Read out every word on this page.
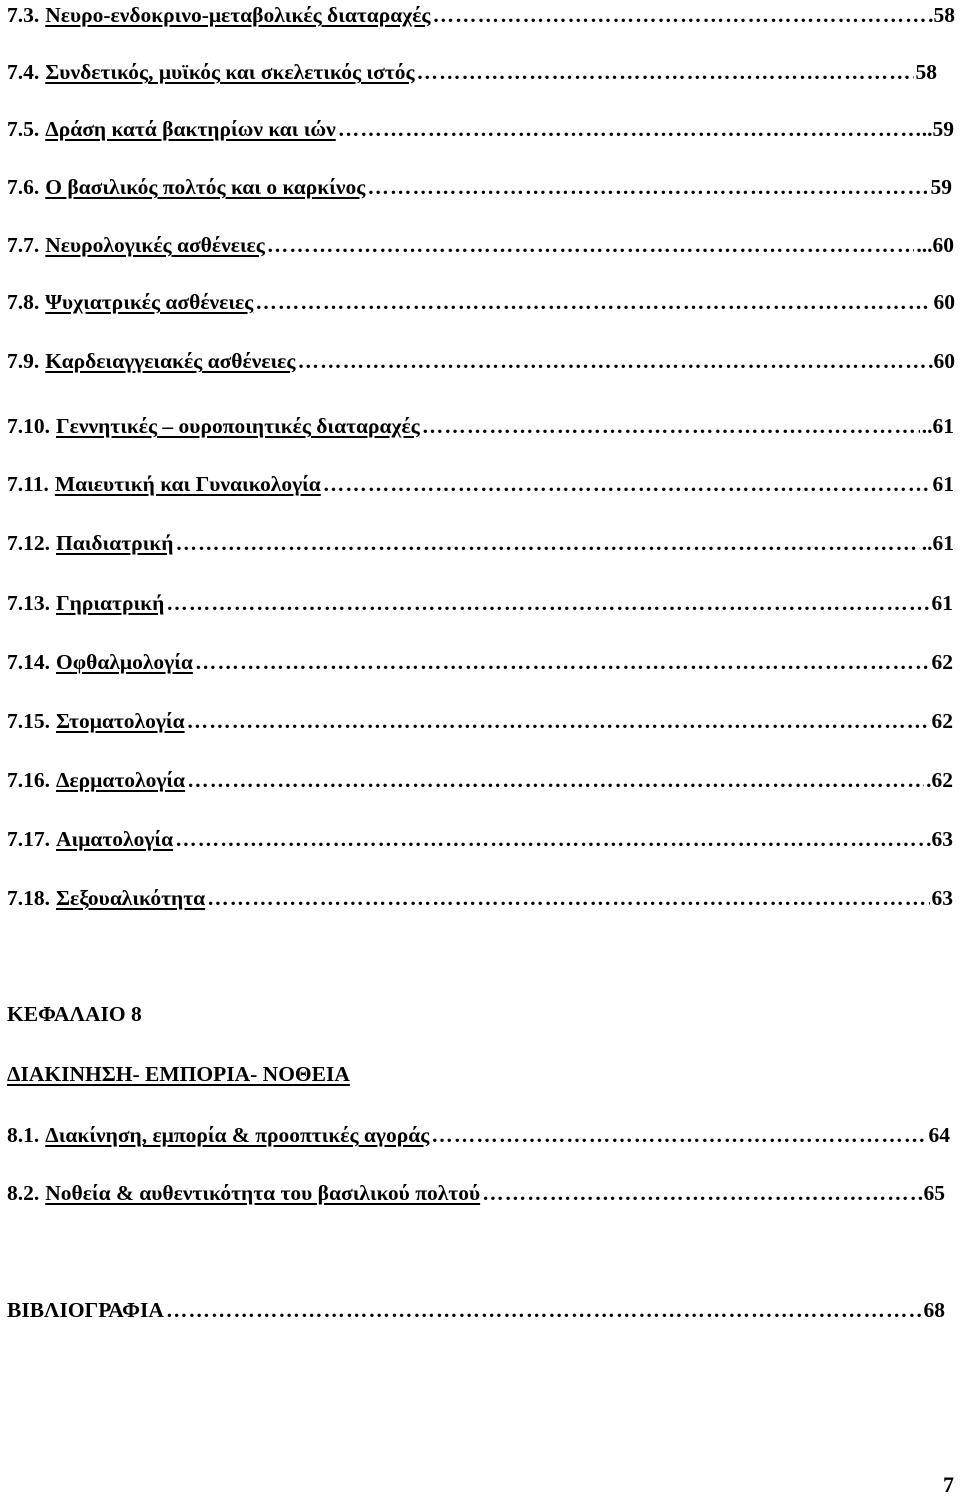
7.3. Νευρο-ενδοκρινο-μεταβολικές διαταραχές ………………………………………………………………………………………………………………………………………………………………………………………………	.58
7.4. Συνδετικός, μυϊκός και σκελετικός ιστός ………………………………………………………………………………………………………………………………………………………………………………………………	58
7.5. Δράση κατά βακτηρίων και ιών ………………………………………………………………………………………………………………………………………………………………………………………………	..59
7.6. Ο βασιλικός πολτός και ο καρκίνος ………………………………………………………………………………………………………………………………………………………………………………………………	59
7.7. Νευρολογικές ασθένειες ………………………………………………………………………………………………………………………………………………………………………………………………	...60
7.8. Ψυχιατρικές ασθένειες ………………………………………………………………………………………………………………………………………………………………………………………………	. 60
7.9. Καρδειαγγειακές ασθένειες ………………………………………………………………………………………………………………………………………………………………………………………………	.60
7.10. Γεννητικές – ουροποιητικές διαταραχές ………………………………………………………………………………………………………………………………………………………………………………………………	..61
7.11. Μαιευτική και Γυναικολογία ………………………………………………………………………………………………………………………………………………………………………………………………	61
7.12. Παιδιατρική ………………………………………………………………………………………………………………………………………………………………………………………………	..61
7.13. Γηριατρική ………………………………………………………………………………………………………………………………………………………………………………………………	61
7.14. Οφθαλμολογία ………………………………………………………………………………………………………………………………………………………………………………………………	62
7.15. Στοματολογία ………………………………………………………………………………………………………………………………………………………………………………………………	62
7.16. Δερματολογία ………………………………………………………………………………………………………………………………………………………………………………………………	.62
7.17. Αιματολογία ………………………………………………………………………………………………………………………………………………………………………………………………	.63
7.18. Σεξουαλικότητα ………………………………………………………………………………………………………………………………………………………………………………………………	63
ΚΕΦΑΛΑΙΟ 8
ΔΙΑΚΙΝΗΣΗ- ΕΜΠΟΡΙΑ- ΝΟΘΕΙΑ
8.1. Διακίνηση, εμπορία & προοπτικές αγοράς ………………………………………………………………………………………………………………………………………………………………………………………………	64
8.2. Νοθεία & αυθεντικότητα του βασιλικού πολτού ………………………………………………………………………………………………………………………………………………………………………………………………	65
ΒΙΒΛΙΟΓΡΑΦΙΑ ………………………………………………………………………………………………………………………………………………………………………………………………	68
7
